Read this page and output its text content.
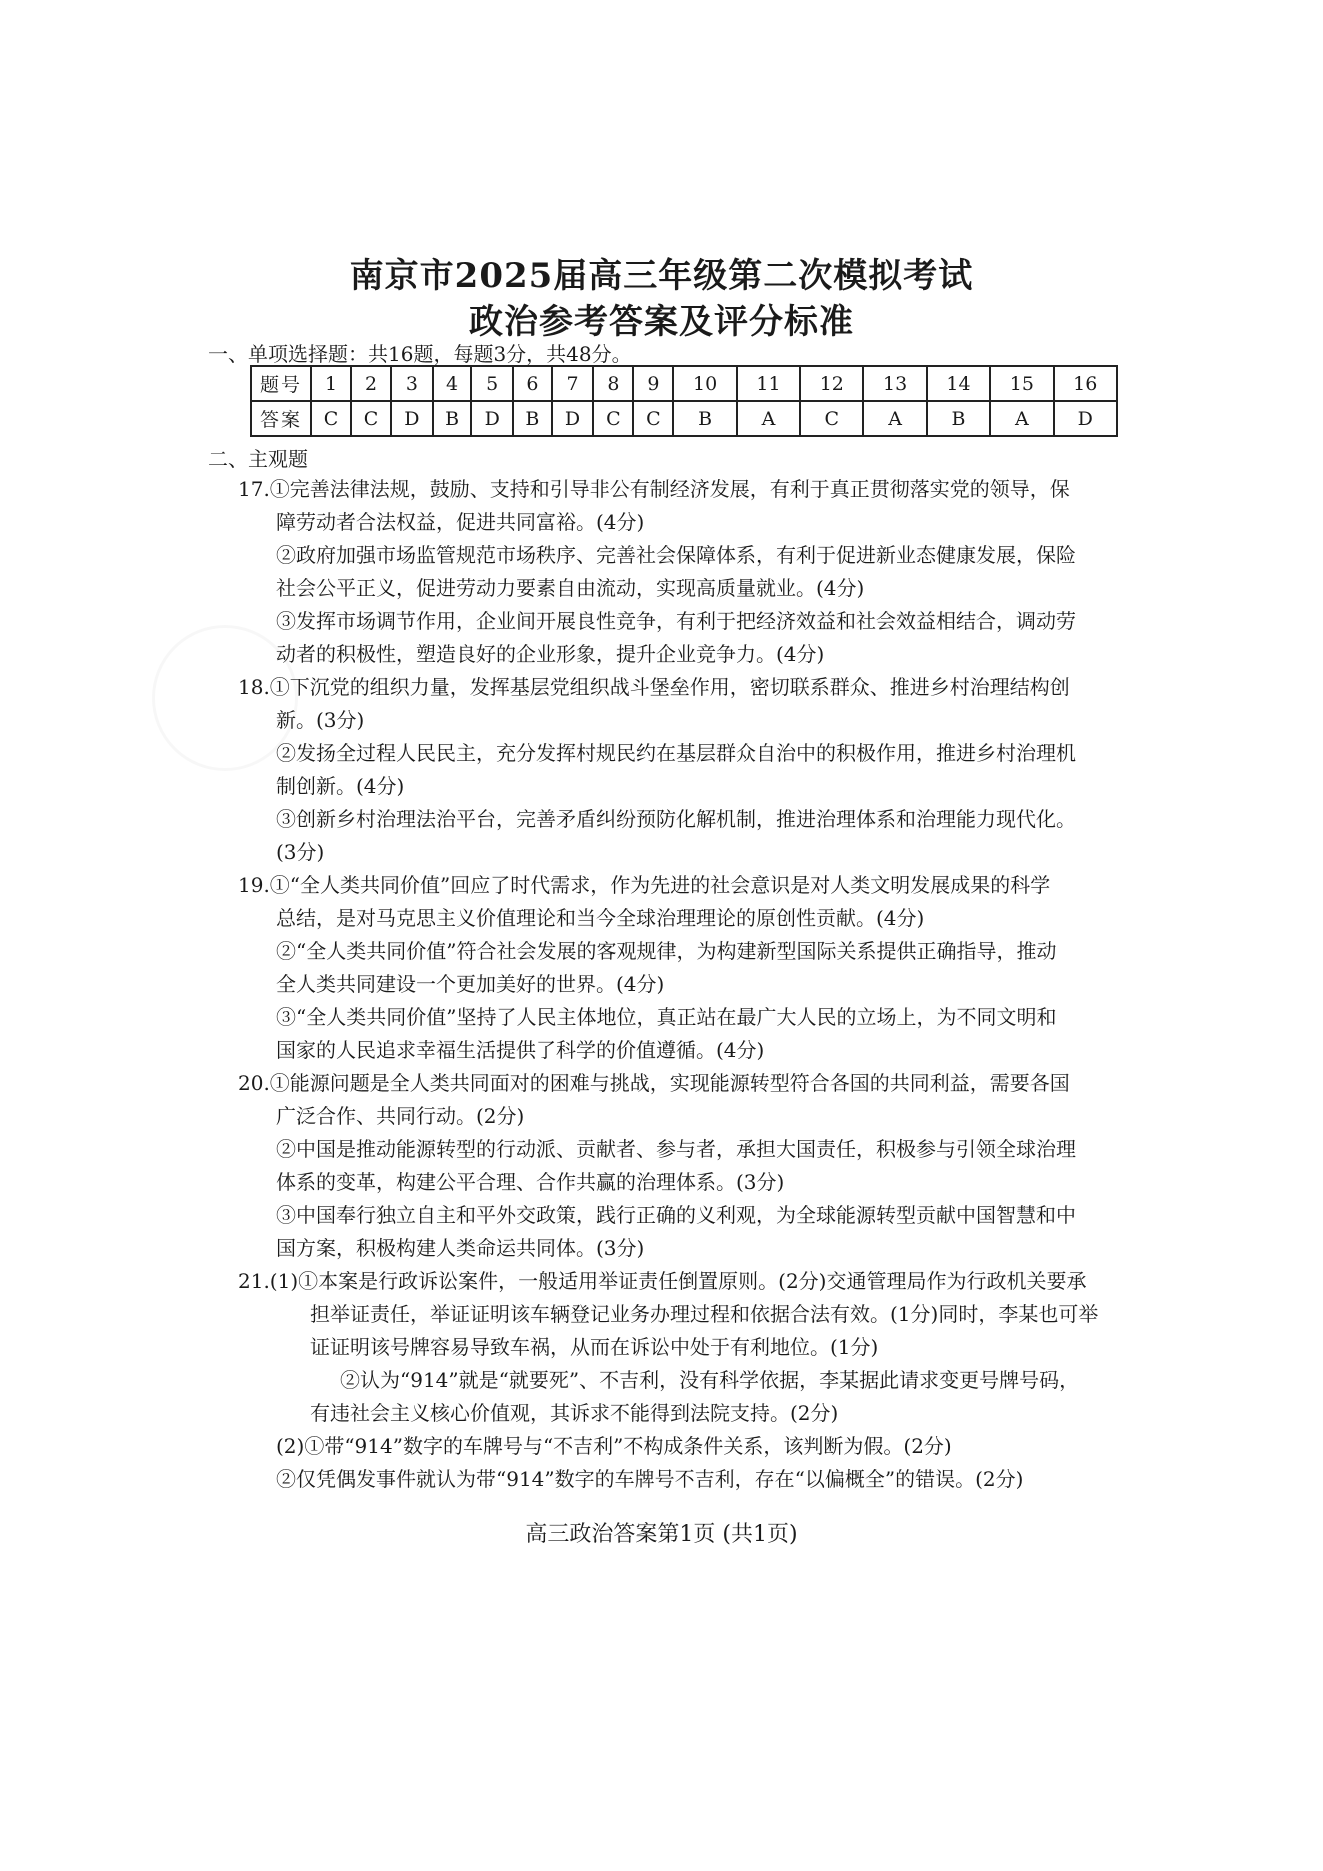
南京市2025届高三年级第二次模拟考试
政治参考答案及评分标准
一、单项选择题：共16题，每题3分，共48分。
题号	1	2	3	4	5	6	7	8	9	10	11	12	13	14	15	16
答案	C	C	D	B	D	B	D	C	C	B	A	C	A	B	A	D
二、主观题
17.①完善法律法规，鼓励、支持和引导非公有制经济发展，有利于真正贯彻落实党的领导，保
障劳动者合法权益，促进共同富裕。(4分)
②政府加强市场监管规范市场秩序、完善社会保障体系，有利于促进新业态健康发展，保险
社会公平正义，促进劳动力要素自由流动，实现高质量就业。(4分)
③发挥市场调节作用，企业间开展良性竞争，有利于把经济效益和社会效益相结合，调动劳
动者的积极性，塑造良好的企业形象，提升企业竞争力。(4分)
18.①下沉党的组织力量，发挥基层党组织战斗堡垒作用，密切联系群众、推进乡村治理结构创
新。(3分)
②发扬全过程人民民主，充分发挥村规民约在基层群众自治中的积极作用，推进乡村治理机
制创新。(4分)
③创新乡村治理法治平台，完善矛盾纠纷预防化解机制，推进治理体系和治理能力现代化。
(3分)
19.①“全人类共同价值”回应了时代需求，作为先进的社会意识是对人类文明发展成果的科学
总结，是对马克思主义价值理论和当今全球治理理论的原创性贡献。(4分)
②“全人类共同价值”符合社会发展的客观规律，为构建新型国际关系提供正确指导，推动
全人类共同建设一个更加美好的世界。(4分)
③“全人类共同价值”坚持了人民主体地位，真正站在最广大人民的立场上，为不同文明和
国家的人民追求幸福生活提供了科学的价值遵循。(4分)
20.①能源问题是全人类共同面对的困难与挑战，实现能源转型符合各国的共同利益，需要各国
广泛合作、共同行动。(2分)
②中国是推动能源转型的行动派、贡献者、参与者，承担大国责任，积极参与引领全球治理
体系的变革，构建公平合理、合作共赢的治理体系。(3分)
③中国奉行独立自主和平外交政策，践行正确的义利观，为全球能源转型贡献中国智慧和中
国方案，积极构建人类命运共同体。(3分)
21.(1)①本案是行政诉讼案件，一般适用举证责任倒置原则。(2分)交通管理局作为行政机关要承
担举证责任，举证证明该车辆登记业务办理过程和依据合法有效。(1分)同时，李某也可举
证证明该号牌容易导致车祸，从而在诉讼中处于有利地位。(1分)
②认为“914”就是“就要死”、不吉利，没有科学依据，李某据此请求变更号牌号码，
有违社会主义核心价值观，其诉求不能得到法院支持。(2分)
(2)①带“914”数字的车牌号与“不吉利”不构成条件关系，该判断为假。(2分)
②仅凭偶发事件就认为带“914”数字的车牌号不吉利，存在“以偏概全”的错误。(2分)
高三政治答案第1页 (共1页)
